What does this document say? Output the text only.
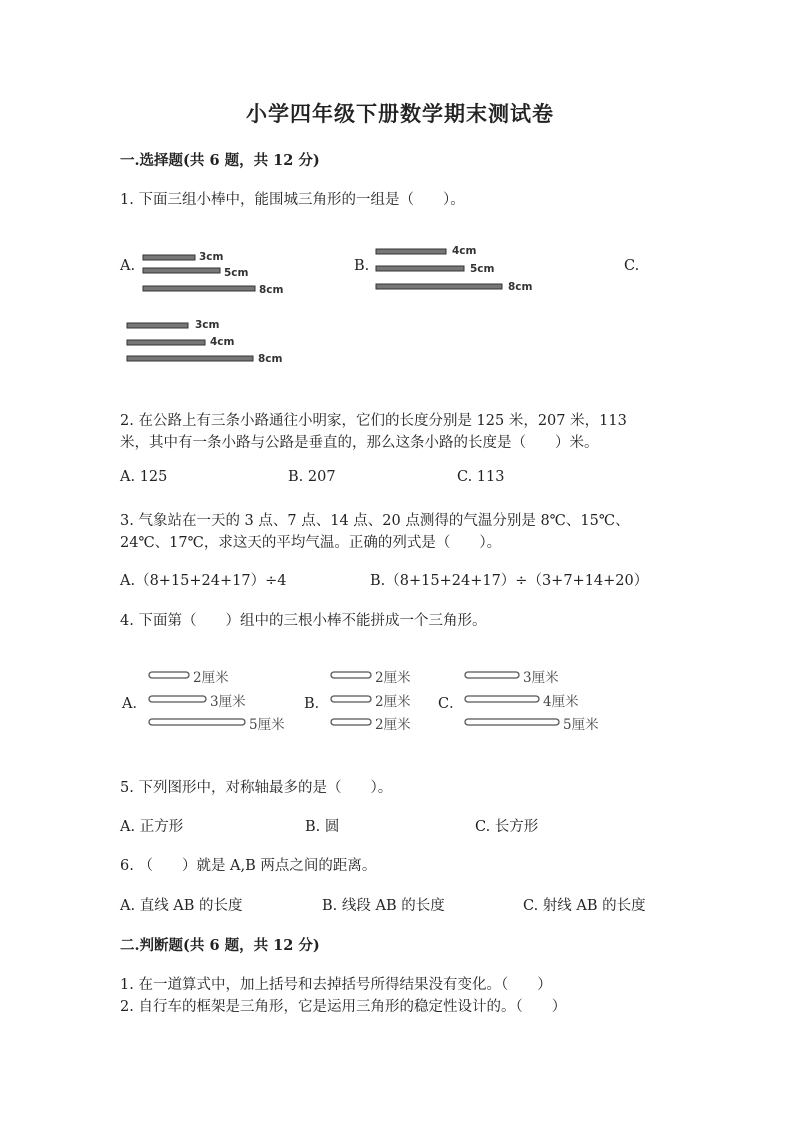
小学四年级下册数学期末测试卷
一.选择题(共 6 题，共 12 分)
1. 下面三组小棒中，能围城三角形的一组是（　　）。
A.	B.	C.
3cm
5cm
8cm
4cm
5cm
8cm
3cm
4cm
8cm
2. 在公路上有三条小路通往小明家，它们的长度分别是 125 米，207 米，113
米，其中有一条小路与公路是垂直的，那么这条小路的长度是（　　）米。
A. 125	B. 207	C. 113
3. 气象站在一天的 3 点、7 点、14 点、20 点测得的气温分别是 8℃、15℃、
24℃、17℃，求这天的平均气温。正确的列式是（　　）。
A.（8+15+24+17）÷4	B.（8+15+24+17）÷（3+7+14+20）
4. 下面第（　　）组中的三根小棒不能拼成一个三角形。
A．	B．	C．
2厘米
3厘米
5厘米
2厘米
2厘米
2厘米
3厘米
4厘米
5厘米
5. 下列图形中，对称轴最多的是（　　）。
A. 正方形	B. 圆	C. 长方形
6. （　　）就是 A,B 两点之间的距离。
A. 直线 AB 的长度	B. 线段 AB 的长度	C. 射线 AB 的长度
二.判断题(共 6 题，共 12 分)
1. 在一道算式中，加上括号和去掉括号所得结果没有变化。（　　）
2. 自行车的框架是三角形，它是运用三角形的稳定性设计的。（　　）
